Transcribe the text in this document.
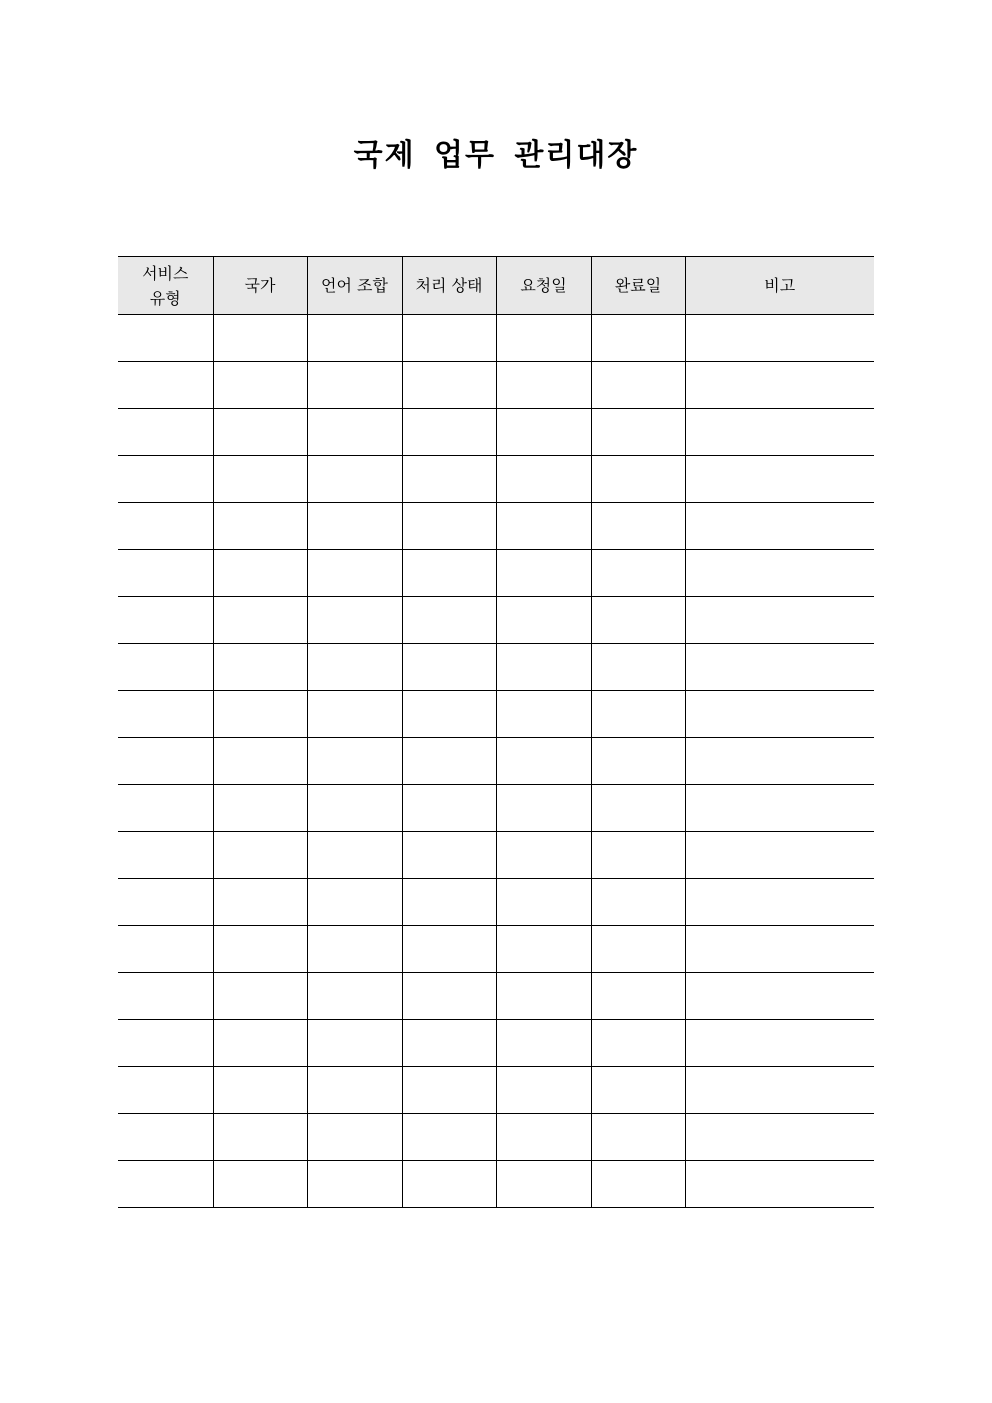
국제 업무 관리대장
서비스
유형	국가	언어 조합	처리 상태	요청일	완료일	비고
